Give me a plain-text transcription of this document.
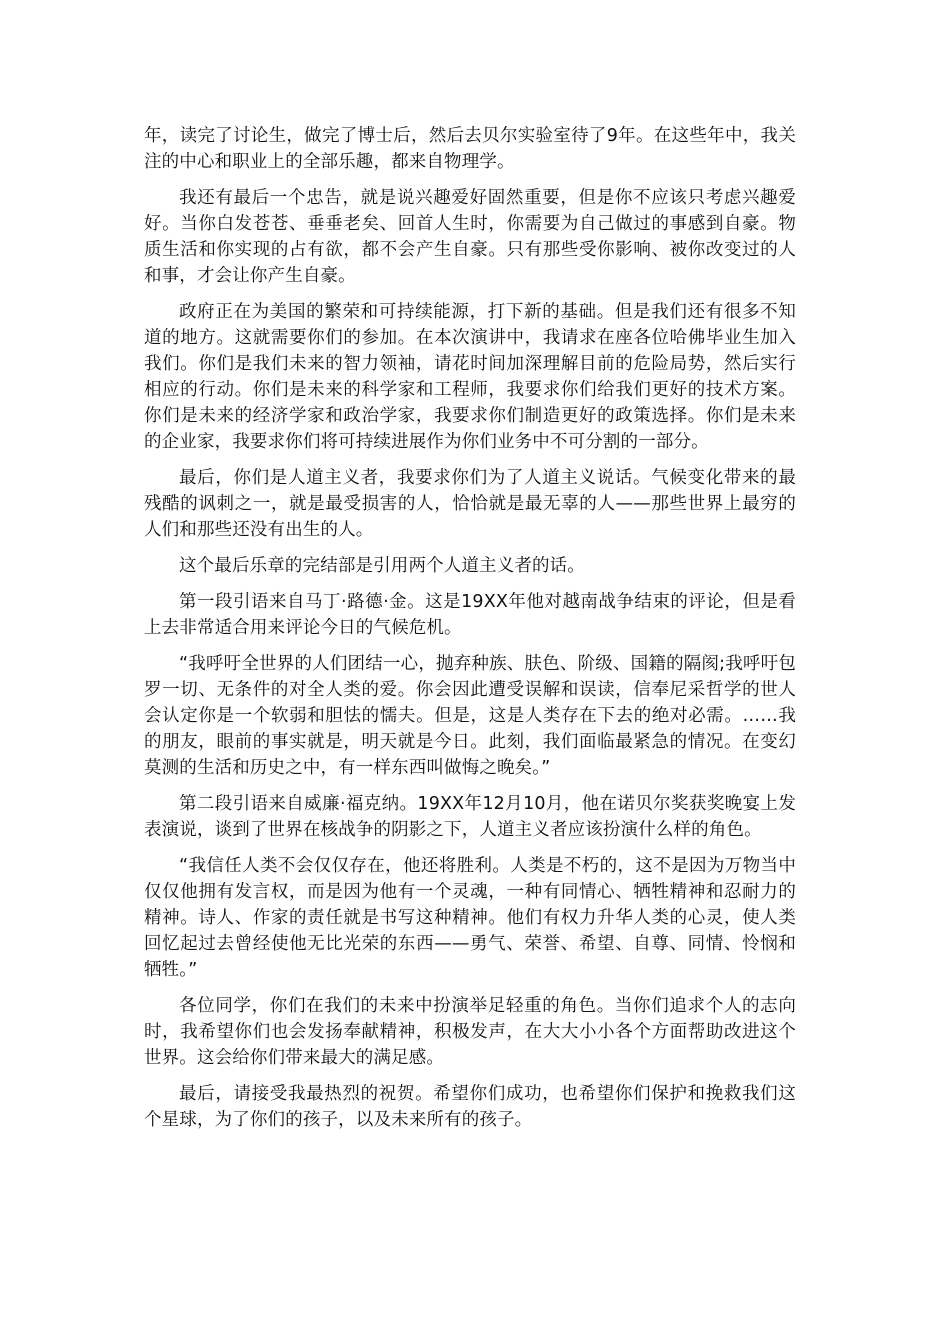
年，读完了讨论生，做完了博士后，然后去贝尔实验室待了9年。在这些年中，我关注的中心和职业上的全部乐趣，都来自物理学。

我还有最后一个忠告，就是说兴趣爱好固然重要，但是你不应该只考虑兴趣爱好。当你白发苍苍、垂垂老矣、回首人生时，你需要为自己做过的事感到自豪。物质生活和你实现的占有欲，都不会产生自豪。只有那些受你影响、被你改变过的人和事，才会让你产生自豪。

政府正在为美国的繁荣和可持续能源，打下新的基础。但是我们还有很多不知道的地方。这就需要你们的参加。在本次演讲中，我请求在座各位哈佛毕业生加入我们。你们是我们未来的智力领袖，请花时间加深理解目前的危险局势，然后实行相应的行动。你们是未来的科学家和工程师，我要求你们给我们更好的技术方案。你们是未来的经济学家和政治学家，我要求你们制造更好的政策选择。你们是未来的企业家，我要求你们将可持续进展作为你们业务中不可分割的一部分。

最后，你们是人道主义者，我要求你们为了人道主义说话。气候变化带来的最残酷的讽刺之一，就是最受损害的人，恰恰就是最无辜的人——那些世界上最穷的人们和那些还没有出生的人。

这个最后乐章的完结部是引用两个人道主义者的话。

第一段引语来自马丁·路德·金。这是19XX年他对越南战争结束的评论，但是看上去非常适合用来评论今日的气候危机。

“我呼吁全世界的人们团结一心，抛弃种族、肤色、阶级、国籍的隔阂;我呼吁包罗一切、无条件的对全人类的爱。你会因此遭受误解和误读，信奉尼采哲学的世人会认定你是一个软弱和胆怯的懦夫。但是，这是人类存在下去的绝对必需。……我的朋友，眼前的事实就是，明天就是今日。此刻，我们面临最紧急的情况。在变幻莫测的生活和历史之中，有一样东西叫做悔之晚矣。”

第二段引语来自威廉·福克纳。19XX年12月10月，他在诺贝尔奖获奖晚宴上发表演说，谈到了世界在核战争的阴影之下，人道主义者应该扮演什么样的角色。

“我信任人类不会仅仅存在，他还将胜利。人类是不朽的，这不是因为万物当中仅仅他拥有发言权，而是因为他有一个灵魂，一种有同情心、牺牲精神和忍耐力的精神。诗人、作家的责任就是书写这种精神。他们有权力升华人类的心灵，使人类回忆起过去曾经使他无比光荣的东西——勇气、荣誉、希望、自尊、同情、怜悯和牺牲。”

各位同学，你们在我们的未来中扮演举足轻重的角色。当你们追求个人的志向时，我希望你们也会发扬奉献精神，积极发声，在大大小小各个方面帮助改进这个世界。这会给你们带来最大的满足感。

最后，请接受我最热烈的祝贺。希望你们成功，也希望你们保护和挽救我们这个星球，为了你们的孩子，以及未来所有的孩子。
